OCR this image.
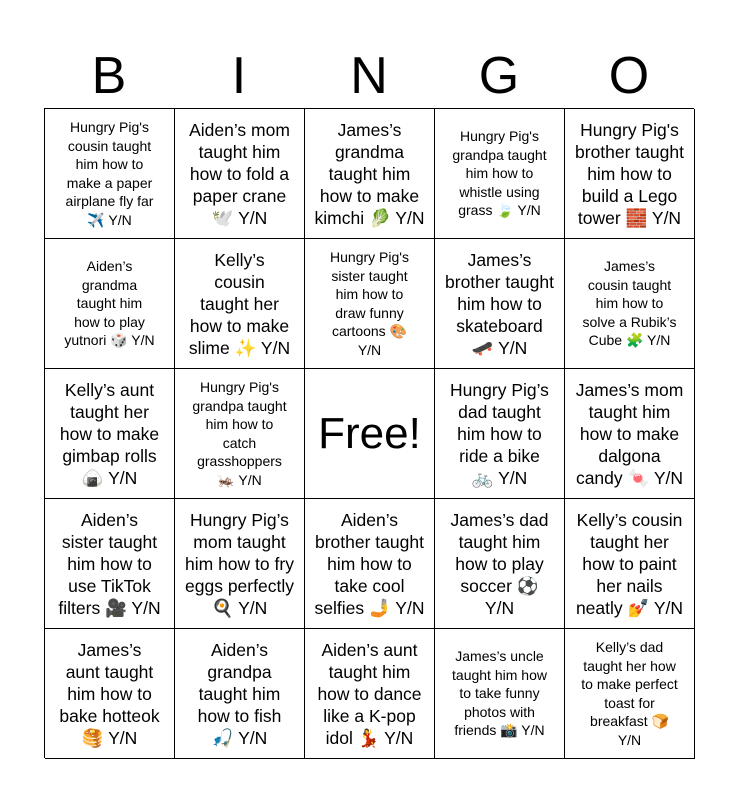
B	I	N	G	O
Hungry Pig's
cousin taught
him how to
make a paper
airplane fly far
✈️ Y/N
Aiden’s mom
taught him
how to fold a
paper crane
🕊️ Y/N
James’s
grandma
taught him
how to make
kimchi 🥬 Y/N
Hungry Pig's
grandpa taught
him how to
whistle using
grass 🍃 Y/N
Hungry Pig's
brother taught
him how to
build a Lego
tower 🧱 Y/N
Aiden’s
grandma
taught him
how to play
yutnori 🎲 Y/N
Kelly’s
cousin
taught her
how to make
slime ✨ Y/N
Hungry Pig's
sister taught
him how to
draw funny
cartoons 🎨
Y/N
James’s
brother taught
him how to
skateboard
🛹 Y/N
James’s
cousin taught
him how to
solve a Rubik’s
Cube 🧩 Y/N
Kelly’s aunt
taught her
how to make
gimbap rolls
🍙 Y/N
Hungry Pig's
grandpa taught
him how to
catch
grasshoppers
🦗 Y/N
Free!
Hungry Pig’s
dad taught
him how to
ride a bike
🚲 Y/N
James’s mom
taught him
how to make
dalgona
candy 🍬 Y/N
Aiden’s
sister taught
him how to
use TikTok
filters 🎥 Y/N
Hungry Pig’s
mom taught
him how to fry
eggs perfectly
🍳 Y/N
Aiden’s
brother taught
him how to
take cool
selfies 🤳 Y/N
James’s dad
taught him
how to play
soccer ⚽
Y/N
Kelly’s cousin
taught her
how to paint
her nails
neatly 💅 Y/N
James’s
aunt taught
him how to
bake hotteok
🥞 Y/N
Aiden’s
grandpa
taught him
how to fish
🎣 Y/N
Aiden’s aunt
taught him
how to dance
like a K-pop
idol 💃 Y/N
James’s uncle
taught him how
to take funny
photos with
friends 📸 Y/N
Kelly’s dad
taught her how
to make perfect
toast for
breakfast 🍞
Y/N
